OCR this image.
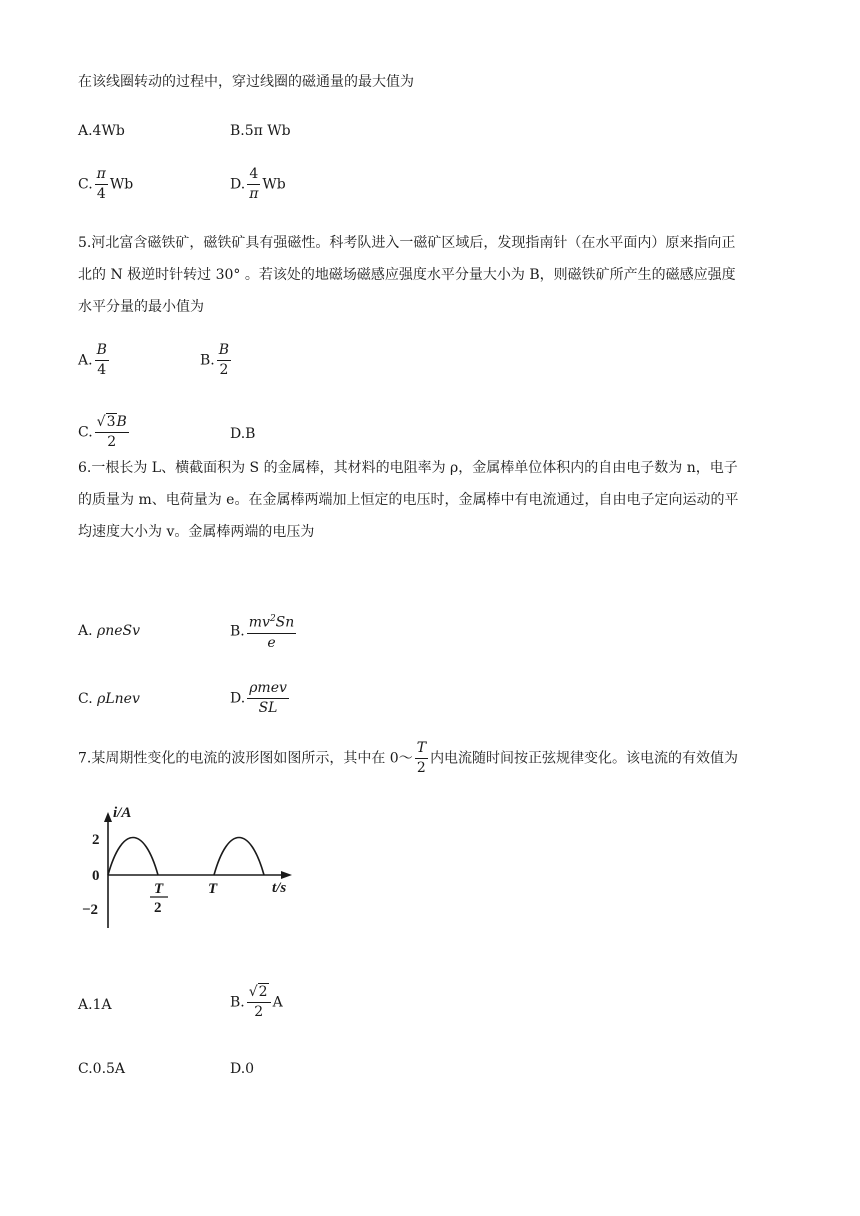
在该线圈转动的过程中，穿过线圈的磁通量的最大值为
A.4Wb	B.5π Wb
C. $\frac{\pi}{4}$ Wb	D. $\frac{4}{\pi}$ Wb
5.河北富含磁铁矿，磁铁矿具有强磁性。科考队进入一磁矿区域后，发现指南针（在水平面内）原来指向正
北的 N 极逆时针转过 30° 。若该处的地磁场磁感应强度水平分量大小为 B，则磁铁矿所产生的磁感应强度
水平分量的最小值为
A. $\frac{B}{4}$	B. $\frac{B}{2}$
C. $\frac{√3B}{2}$	D.B
6.一根长为 L、横截面积为 S 的金属棒，其材料的电阻率为 ρ，金属棒单位体积内的自由电子数为 n，电子
的质量为 m、电荷量为 e。在金属棒两端加上恒定的电压时，金属棒中有电流通过，自由电子定向运动的平
均速度大小为 v。金属棒两端的电压为
A. ρneSv	B. $\frac{mv^2Sn}{e}$
C. ρLnev	D. $\frac{\text{ρmev}}{SL}$
7.某周期性变化的电流的波形图如图所示，其中在 0～ $\frac{T}{2}$ 内电流随时间按正弦规律变化。该电流的有效值为
i/A
t/s
2
0
−2
T
2
T
A.1A	B. $\frac{√2}{2}$ A
C.0.5A	D.0
